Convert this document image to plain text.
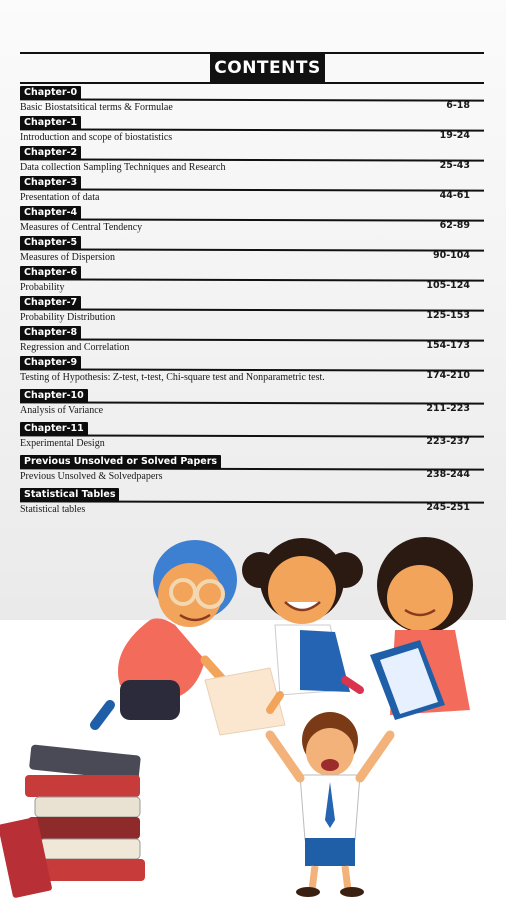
CONTENTS
Chapter-0
Basic Biostatsitical terms & Formulae	6-18
Chapter-1
Introduction and scope of biostatistics	19-24
Chapter-2
Data collection Sampling Techniques and Research	25-43
Chapter-3
Presentation of data	44-61
Chapter-4
Measures of Central Tendency	62-89
Chapter-5
Measures of Dispersion	90-104
Chapter-6
Probability	105-124
Chapter-7
Probability Distribution	125-153
Chapter-8
Regression and Correlation	154-173
Chapter-9
Testing of Hypothesis: Z-test, t-test, Chi-square test and Nonparametric test.	174-210
Chapter-10
Analysis of Variance	211-223
Chapter-11
Experimental Design	223-237
Previous Unsolved or Solved Papers
Previous Unsolved & Solvedpapers	238-244
Statistical Tables
Statistical tables	245-251
